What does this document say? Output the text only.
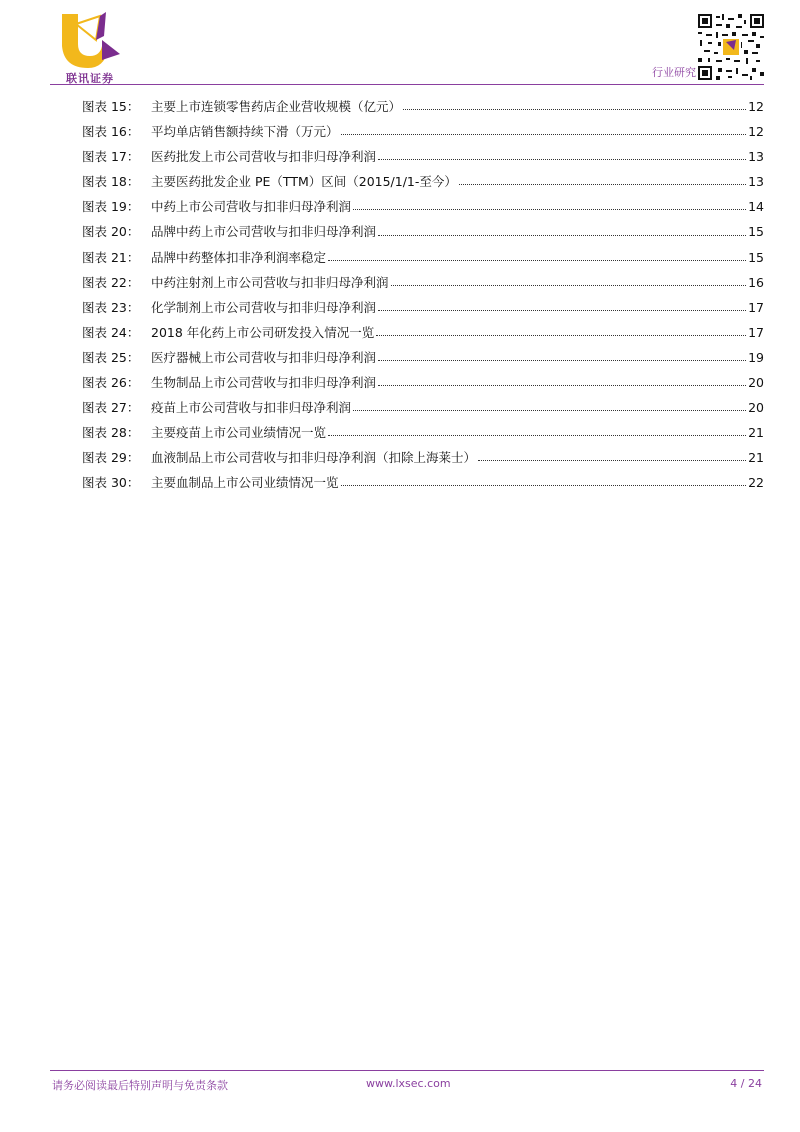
联讯证券	行业研究
图表 15： 主要上市连锁零售药店企业营收规模（亿元）	12
图表 16： 平均单店销售额持续下滑（万元）	12
图表 17： 医药批发上市公司营收与扣非归母净利润	13
图表 18： 主要医药批发企业 PE（TTM）区间（2015/1/1-至今）	13
图表 19： 中药上市公司营收与扣非归母净利润	14
图表 20： 品牌中药上市公司营收与扣非归母净利润	15
图表 21： 品牌中药整体扣非净利润率稳定	15
图表 22： 中药注射剂上市公司营收与扣非归母净利润	16
图表 23： 化学制剂上市公司营收与扣非归母净利润	17
图表 24： 2018 年化药上市公司研发投入情况一览	17
图表 25： 医疗器械上市公司营收与扣非归母净利润	19
图表 26： 生物制品上市公司营收与扣非归母净利润	20
图表 27： 疫苗上市公司营收与扣非归母净利润	20
图表 28： 主要疫苗上市公司业绩情况一览	21
图表 29： 血液制品上市公司营收与扣非归母净利润（扣除上海莱士）	21
图表 30： 主要血制品上市公司业绩情况一览	22
请务必阅读最后特别声明与免责条款	www.lxsec.com	4 / 24
